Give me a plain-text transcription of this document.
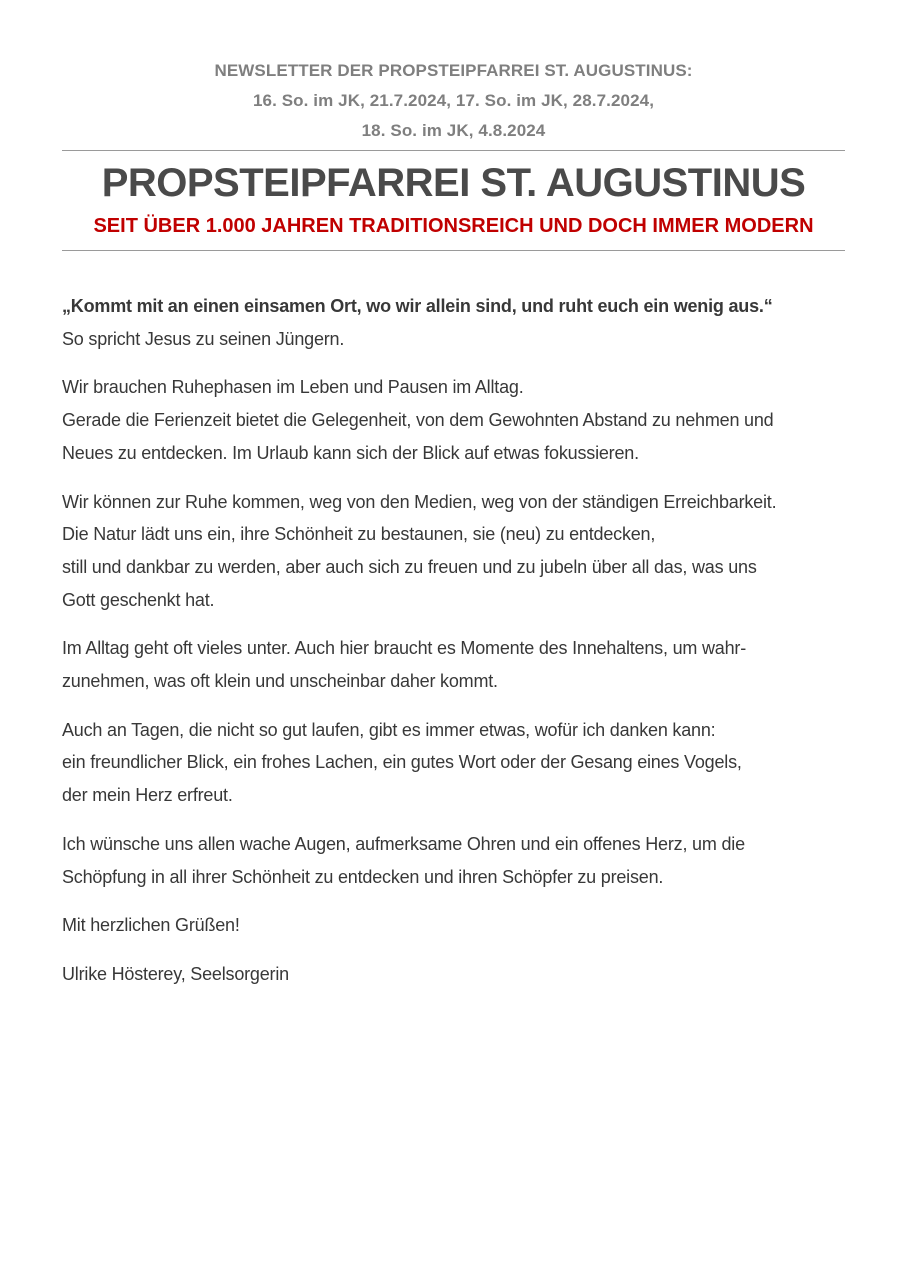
NEWSLETTER DER PROPSTEIPFARREI ST. AUGUSTINUS:
16. So. im JK, 21.7.2024, 17. So. im JK, 28.7.2024,
18. So. im JK, 4.8.2024
PROPSTEIPFARREI ST. AUGUSTINUS
SEIT ÜBER 1.000 JAHREN TRADITIONSREICH UND DOCH IMMER MODERN

„Kommt mit an einen einsamen Ort, wo wir allein sind, und ruht euch ein wenig aus.“
So spricht Jesus zu seinen Jüngern.

Wir brauchen Ruhephasen im Leben und Pausen im Alltag.
Gerade die Ferienzeit bietet die Gelegenheit, von dem Gewohnten Abstand zu nehmen und
Neues zu entdecken. Im Urlaub kann sich der Blick auf etwas fokussieren.

Wir können zur Ruhe kommen, weg von den Medien, weg von der ständigen Erreichbarkeit.
Die Natur lädt uns ein, ihre Schönheit zu bestaunen, sie (neu) zu entdecken,
still und dankbar zu werden, aber auch sich zu freuen und zu jubeln über all das, was uns
Gott geschenkt hat.

Im Alltag geht oft vieles unter. Auch hier braucht es Momente des Innehaltens, um wahr-
zunehmen, was oft klein und unscheinbar daher kommt.

Auch an Tagen, die nicht so gut laufen, gibt es immer etwas, wofür ich danken kann:
ein freundlicher Blick, ein frohes Lachen, ein gutes Wort oder der Gesang eines Vogels,
der mein Herz erfreut.

Ich wünsche uns allen wache Augen, aufmerksame Ohren und ein offenes Herz, um die
Schöpfung in all ihrer Schönheit zu entdecken und ihren Schöpfer zu preisen.

Mit herzlichen Grüßen!

Ulrike Hösterey, Seelsorgerin
